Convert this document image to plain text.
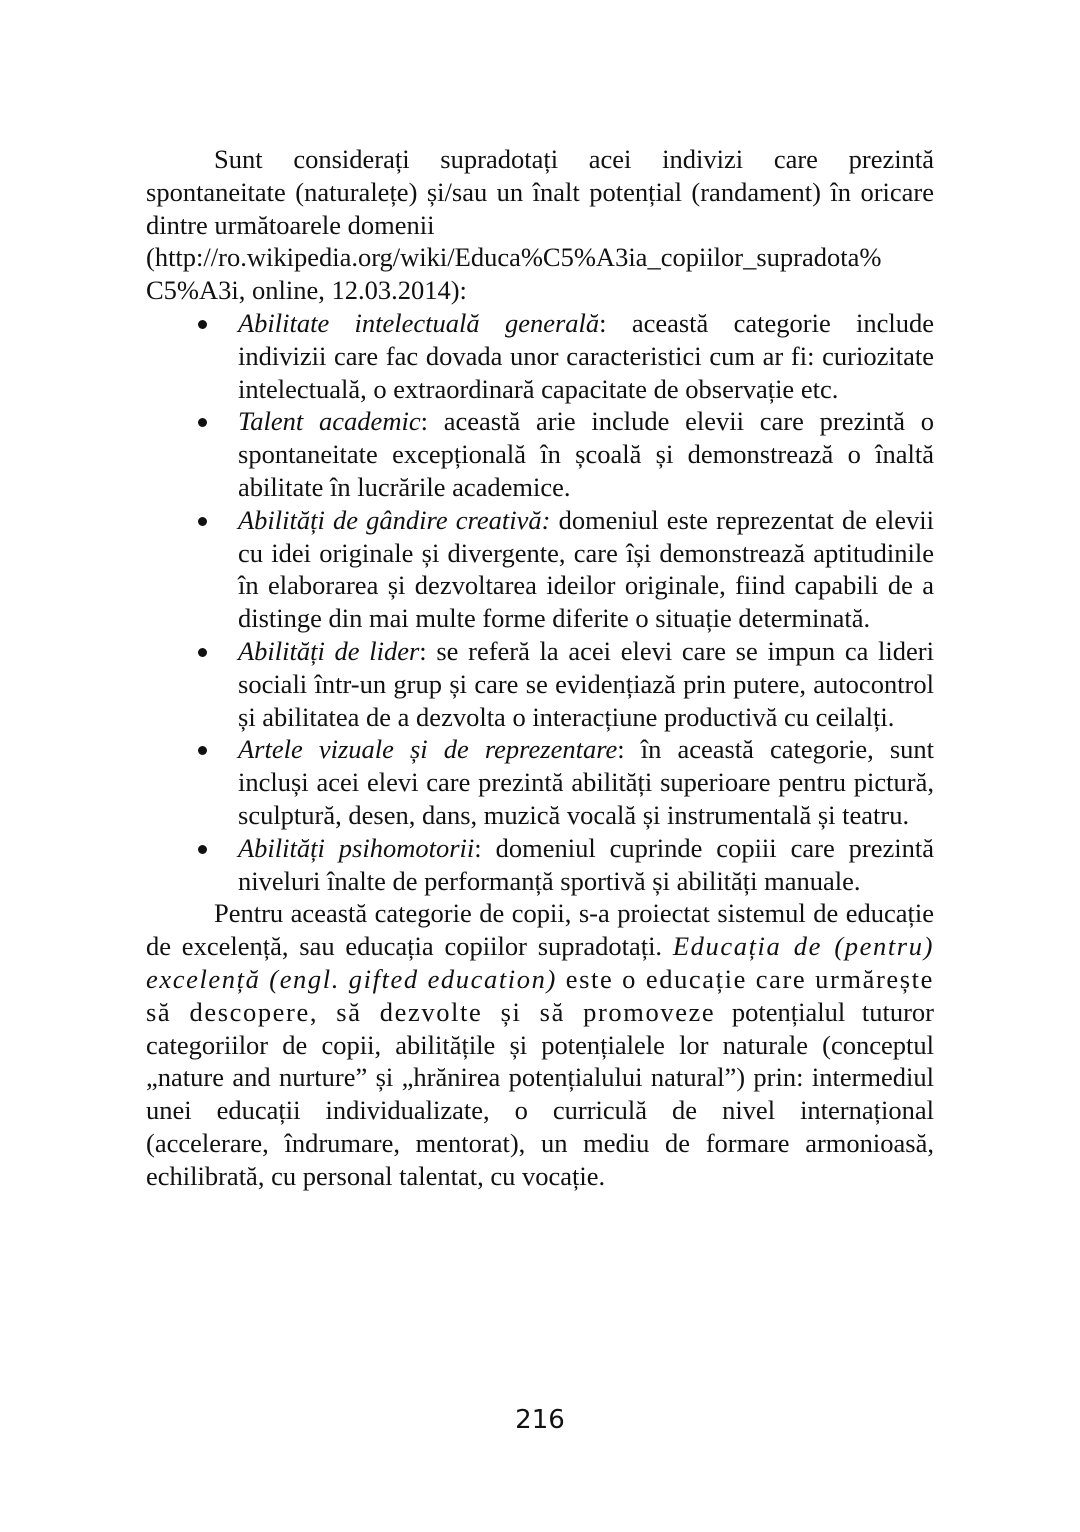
Sunt considerați supradotați acei indivizi care prezintă spontaneitate (naturalețe) și/sau un înalt potențial (randament) în oricare dintre următoarele domenii

(http://ro.wikipedia.org/wiki/Educa%C5%A3ia_copiilor_supradota% C5%A3i, online, 12.03.2014):

Abilitate intelectuală generală: această categorie include indivizii care fac dovada unor caracteristici cum ar fi: curiozitate intelectuală, o extraordinară capacitate de observație etc.
Talent academic: această arie include elevii care prezintă o spontaneitate excepțională în școală și demonstrează o înaltă abilitate în lucrările academice.
Abilități de gândire creativă: domeniul este reprezentat de elevii cu idei originale și divergente, care își demonstrează aptitudinile în elaborarea și dezvoltarea ideilor originale, fiind capabili de a distinge din mai multe forme diferite o situație determinată.
Abilități de lider: se referă la acei elevi care se impun ca lideri sociali într-un grup și care se evidențiază prin putere, autocontrol și abilitatea de a dezvolta o interacțiune productivă cu ceilalți.
Artele vizuale și de reprezentare: în această categorie, sunt incluși acei elevi care prezintă abilități superioare pentru pictură, sculptură, desen, dans, muzică vocală și instrumentală și teatru.
Abilități psihomotorii: domeniul cuprinde copiii care prezintă niveluri înalte de performanță sportivă și abilități manuale.

Pentru această categorie de copii, s-a proiectat sistemul de educație de excelență, sau educația copiilor supradotați. Educația de (pentru) excelență (engl. gifted education) este o educație care urmărește să descopere, să dezvolte și să promoveze potențialul tuturor categoriilor de copii, abilitățile și potențialele lor naturale (conceptul „nature and nurture” și „hrănirea potențialului natural”) prin: intermediul unei educații individualizate, o curriculă de nivel internațional (accelerare, îndrumare, mentorat), un mediu de formare armonioasă, echilibrată, cu personal talentat, cu vocație.

216
